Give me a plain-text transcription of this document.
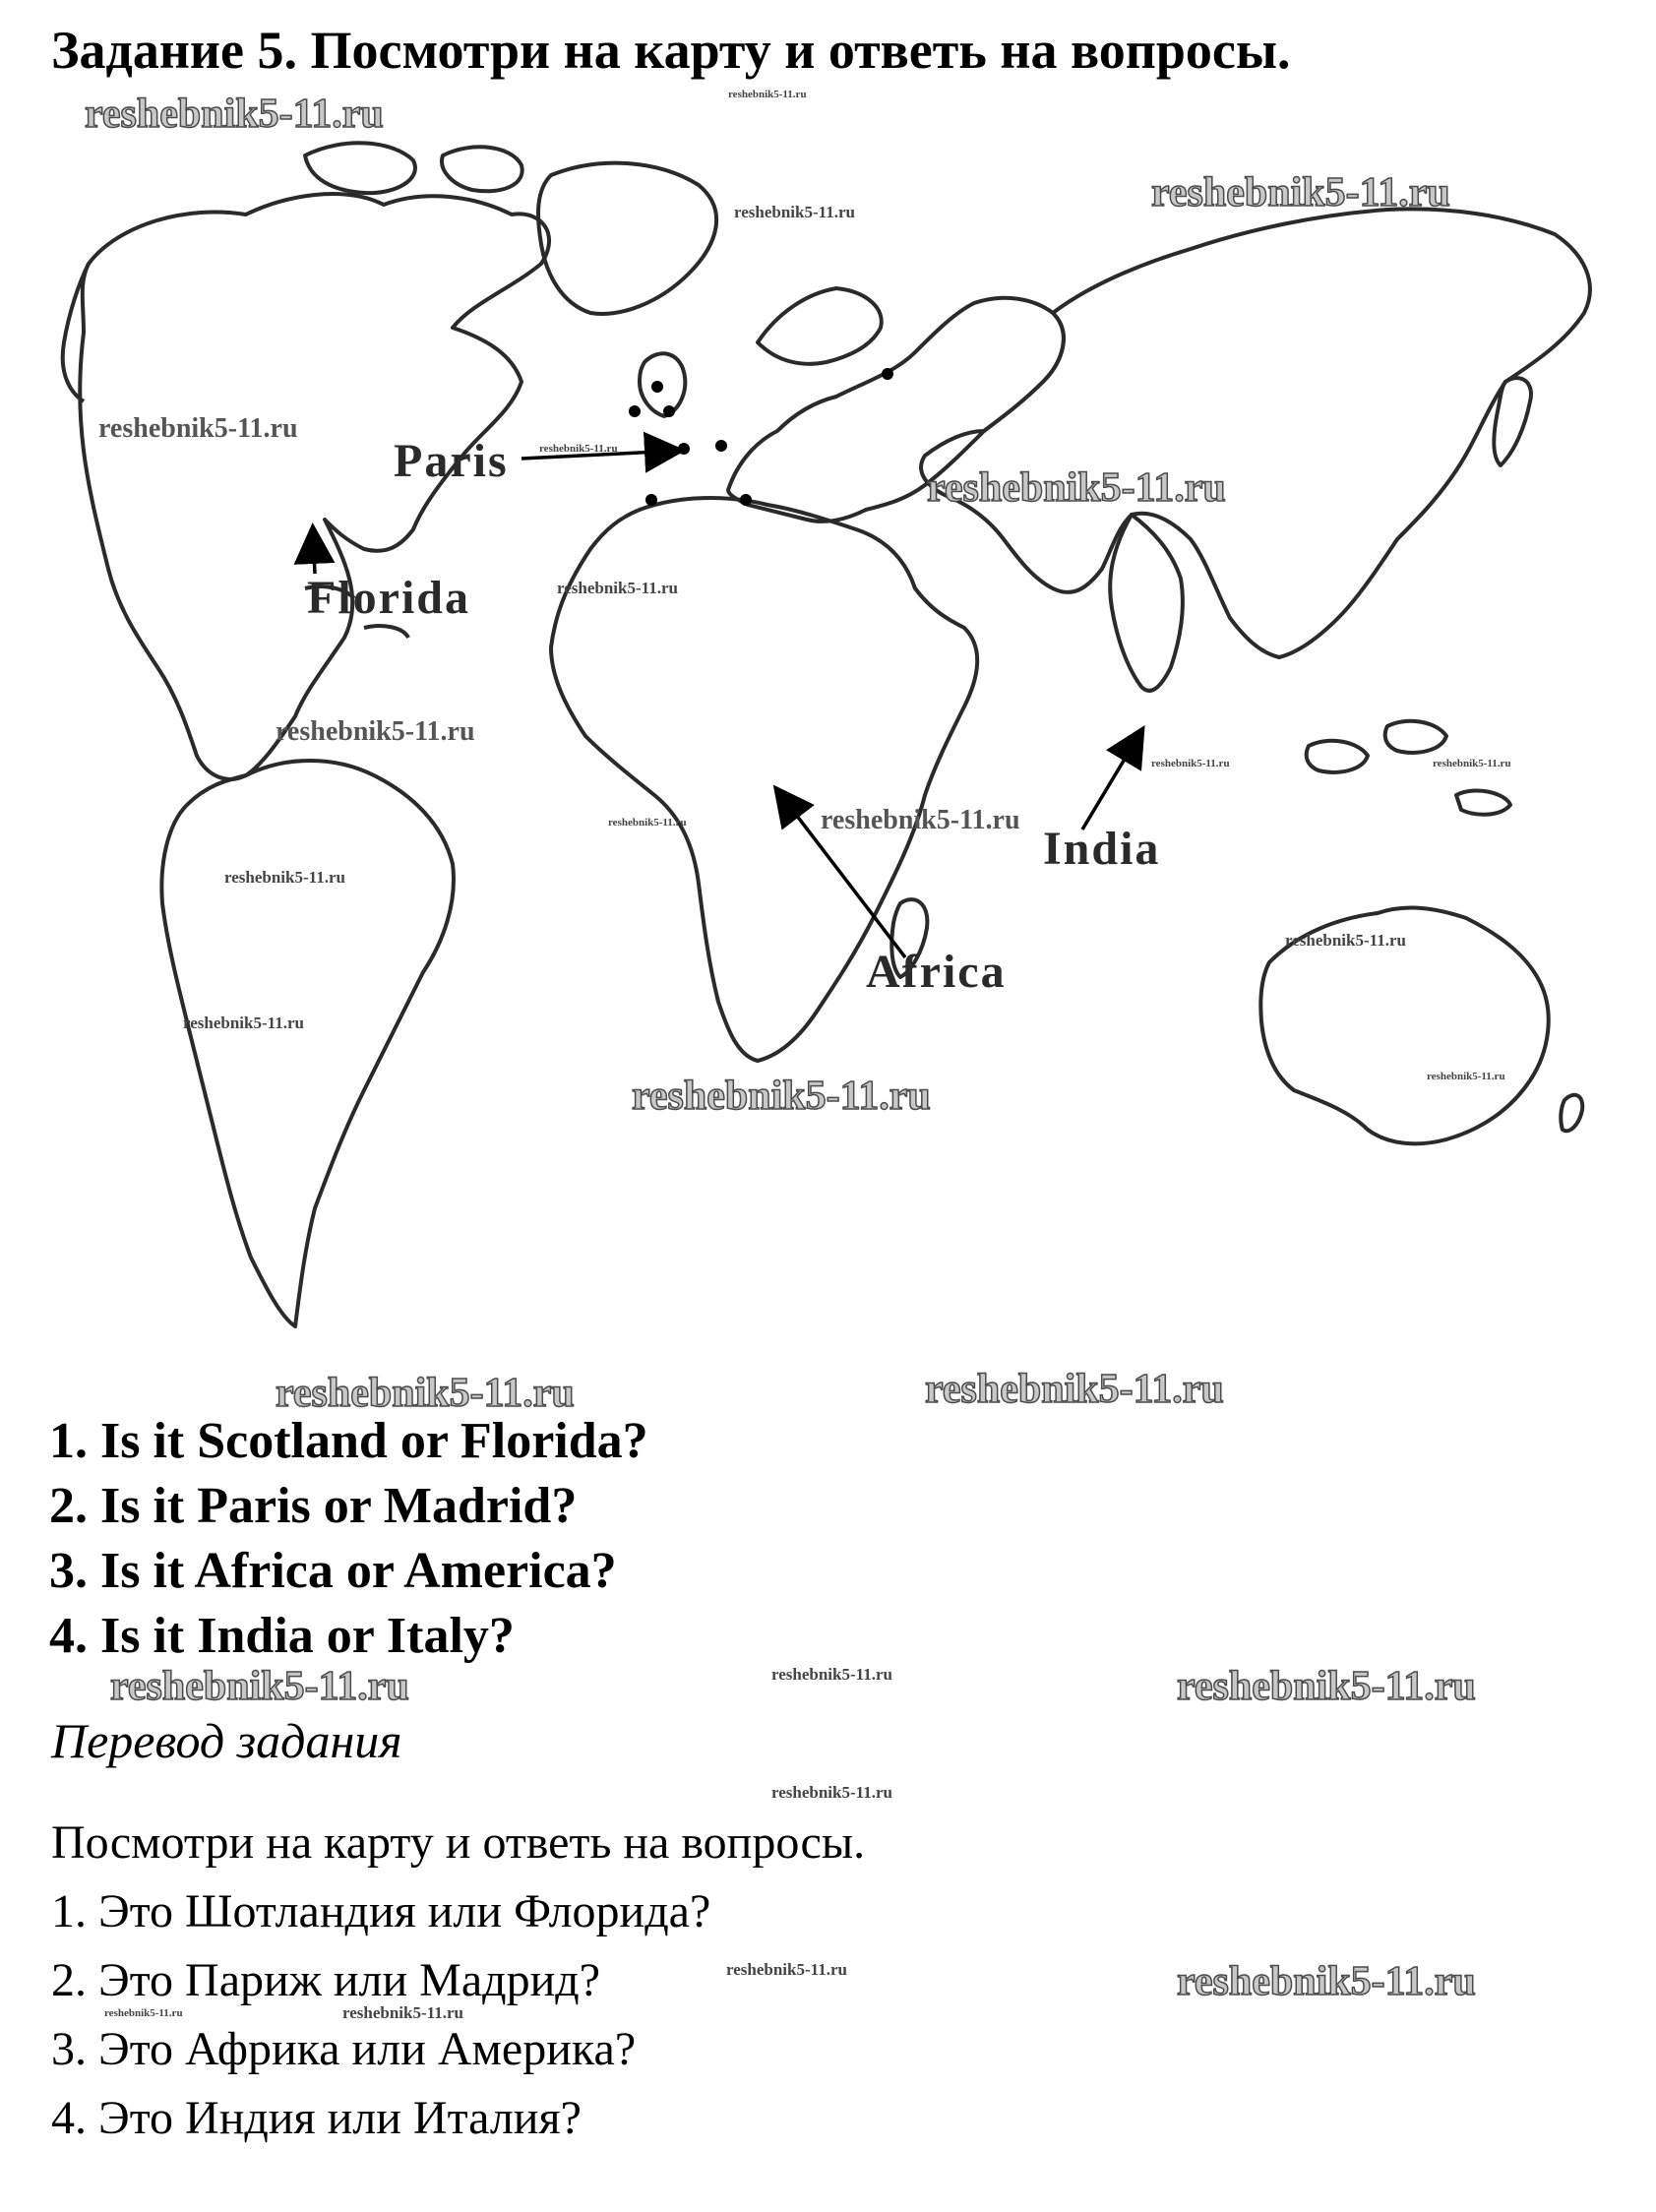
Задание 5. Посмотри на карту и ответь на вопросы.
Paris
Florida
Africa
India
1. Is it Scotland or Florida?
2. Is it Paris or Madrid?
3. Is it Africa or America?
4. Is it India or Italy?
Перевод задания

Посмотри на карту и ответь на вопросы.

1. Это Шотландия или Флорида?
2. Это Париж или Мадрид?
3. Это Африка или Америка?
4. Это Индия или Италия?
reshebnik5-11.ru	reshebnik5-11.ru
reshebnik5-11.ru
reshebnik5-11.ru
reshebnik5-11.ru
reshebnik5-11.ru
reshebnik5-11.ru
reshebnik5-11.ru
reshebnik5-11.ru
reshebnik5-11.ru	reshebnik5-11.ru
reshebnik5-11.ru	reshebnik5-11.ru
reshebnik5-11.ru
reshebnik5-11.ru
reshebnik5-11.ru
reshebnik5-11.ru	reshebnik5-11.ru
reshebnik5-11.ru	reshebnik5-11.ru
reshebnik5-11.ru	reshebnik5-11.ru	reshebnik5-11.ru
reshebnik5-11.ru
reshebnik5-11.ru	reshebnik5-11.ru
reshebnik5-11.ru	reshebnik5-11.ru
